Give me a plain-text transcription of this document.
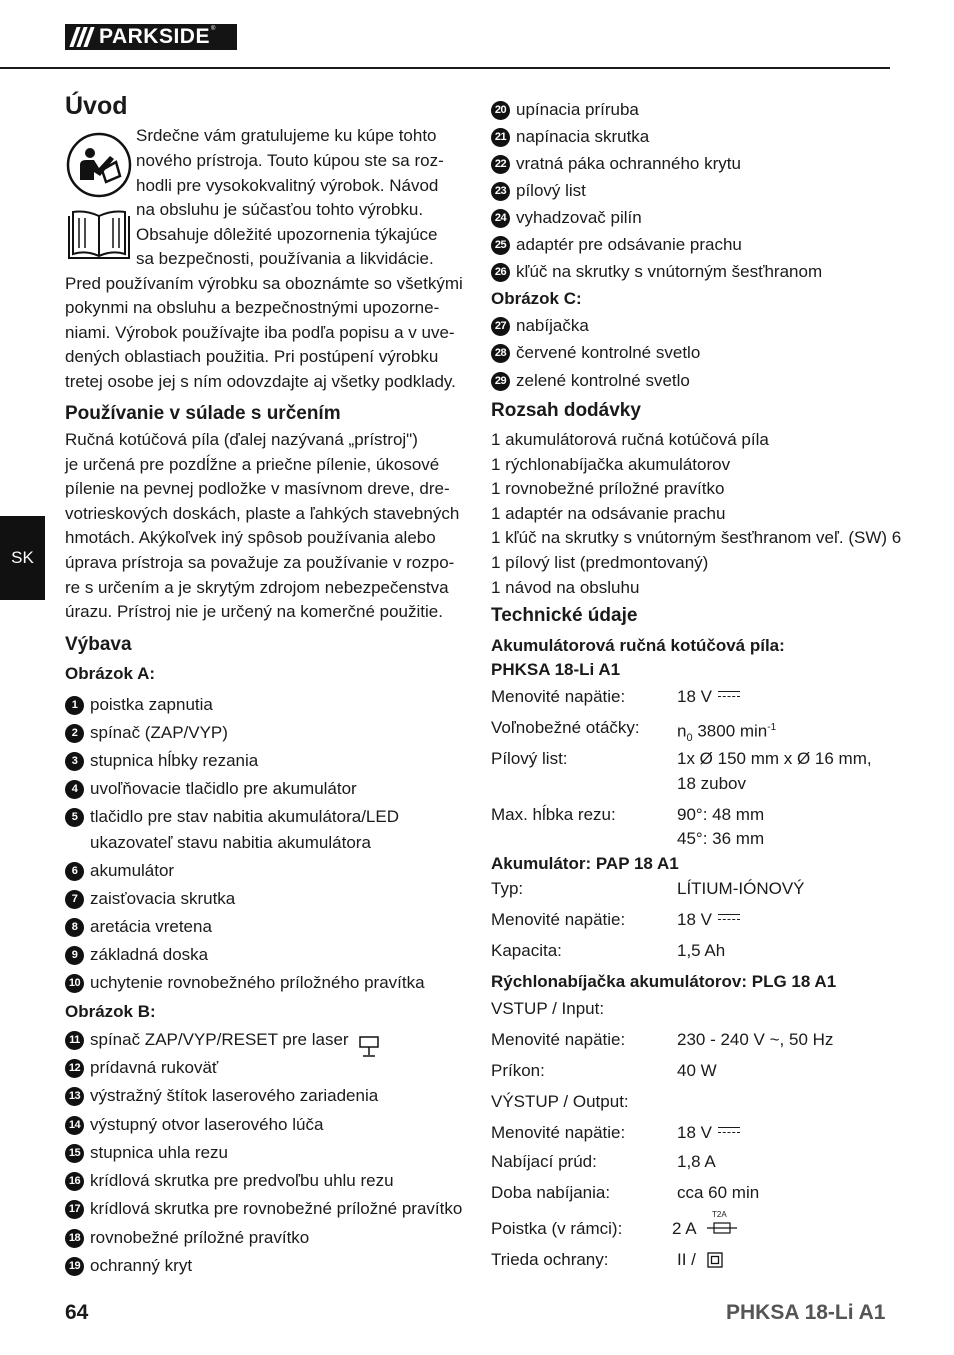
PARKSIDE ®
SK
Úvod
Srdečne vám gratulujeme ku kúpe tohto
nového prístroja. Touto kúpou ste sa roz-
hodli pre vysokokvalitný výrobok. Návod
na obsluhu je súčasťou tohto výrobku.
Obsahuje dôležité upozornenia týkajúce
sa bezpečnosti, používania a likvidácie.
Pred používaním výrobku sa oboznámte so všetkými
pokynmi na obsluhu a bezpečnostnými upozorne-
niami. Výrobok používajte iba podľa popisu a v uve-
dených oblastiach použitia. Pri postúpení výrobku
tretej osobe jej s ním odovzdajte aj všetky podklady.
Používanie v súlade s určením
Ručná kotúčová píla (ďalej nazývaná „prístroj")
je určená pre pozdĺžne a priečne pílenie, úkosové
pílenie na pevnej podložke v masívnom dreve, dre-
votrieskových doskách, plaste a ľahkých stavebných
hmotách. Akýkoľvek iný spôsob používania alebo
úprava prístroja sa považuje za používanie v rozpo-
re s určením a je skrytým zdrojom nebezpečenstva
úrazu. Prístroj nie je určený na komerčné použitie.
Výbava
Obrázok A:
1 poistka zapnutia
2 spínač (ZAP/VYP)
3 stupnica hĺbky rezania
4 uvoľňovacie tlačidlo pre akumulátor
5 tlačidlo pre stav nabitia akumulátora/LED
ukazovateľ stavu nabitia akumulátora
6 akumulátor
7 zaisťovacia skrutka
8 aretácia vretena
9 základná doska
10 uchytenie rovnobežného príložného pravítka
Obrázok B:
11 spínač ZAP/VYP/RESET pre laser
12 prídavná rukoväť
13 výstražný štítok laserového zariadenia
14 výstupný otvor laserového lúča
15 stupnica uhla rezu
16 krídlová skrutka pre predvoľbu uhlu rezu
17 krídlová skrutka pre rovnobežné príložné pravítko
18 rovnobežné príložné pravítko
19 ochranný kryt
20 upínacia príruba
21 napínacia skrutka
22 vratná páka ochranného krytu
23 pílový list
24 vyhadzovač pilín
25 adaptér pre odsávanie prachu
26 kľúč na skrutky s vnútorným šesťhranom
Obrázok C:
27 nabíjačka
28 červené kontrolné svetlo
29 zelené kontrolné svetlo
Rozsah dodávky
1 akumulátorová ručná kotúčová píla
1 rýchlonabíjačka akumulátorov
1 rovnobežné príložné pravítko
1 adaptér na odsávanie prachu
1 kľúč na skrutky s vnútorným šesťhranom veľ. (SW) 6
1 pílový list (predmontovaný)
1 návod na obsluhu
Technické údaje
Akumulátorová ručná kotúčová píla:
PHKSA 18-Li A1
Menovité napätie:	18 V
Voľnobežné otáčky: $n_0$ 3800 $\min^{-1}$
Pílový list:	1x Ø 150 mm x Ø 16 mm,
18 zubov
Max. hĺbka rezu:	90°: 48 mm
45°: 36 mm
Akumulátor: PAP 18 A1
Typ:	LÍTIUM-IÓNOVÝ
Menovité napätie:	18 V
Kapacita:	1,5 Ah
Rýchlonabíjačka akumulátorov: PLG 18 A1
VSTUP / Input:
Menovité napätie:	230 - 240 V ~, 50 Hz
Príkon:	40 W
VÝSTUP / Output:
Menovité napätie:	18 V
Nabíjací prúd:	1,8 A
Doba nabíjania:	cca 60 min
Poistka (v rámci):	2 A
T2A
Trieda ochrany:	II /
64	PHKSA 18-Li A1
